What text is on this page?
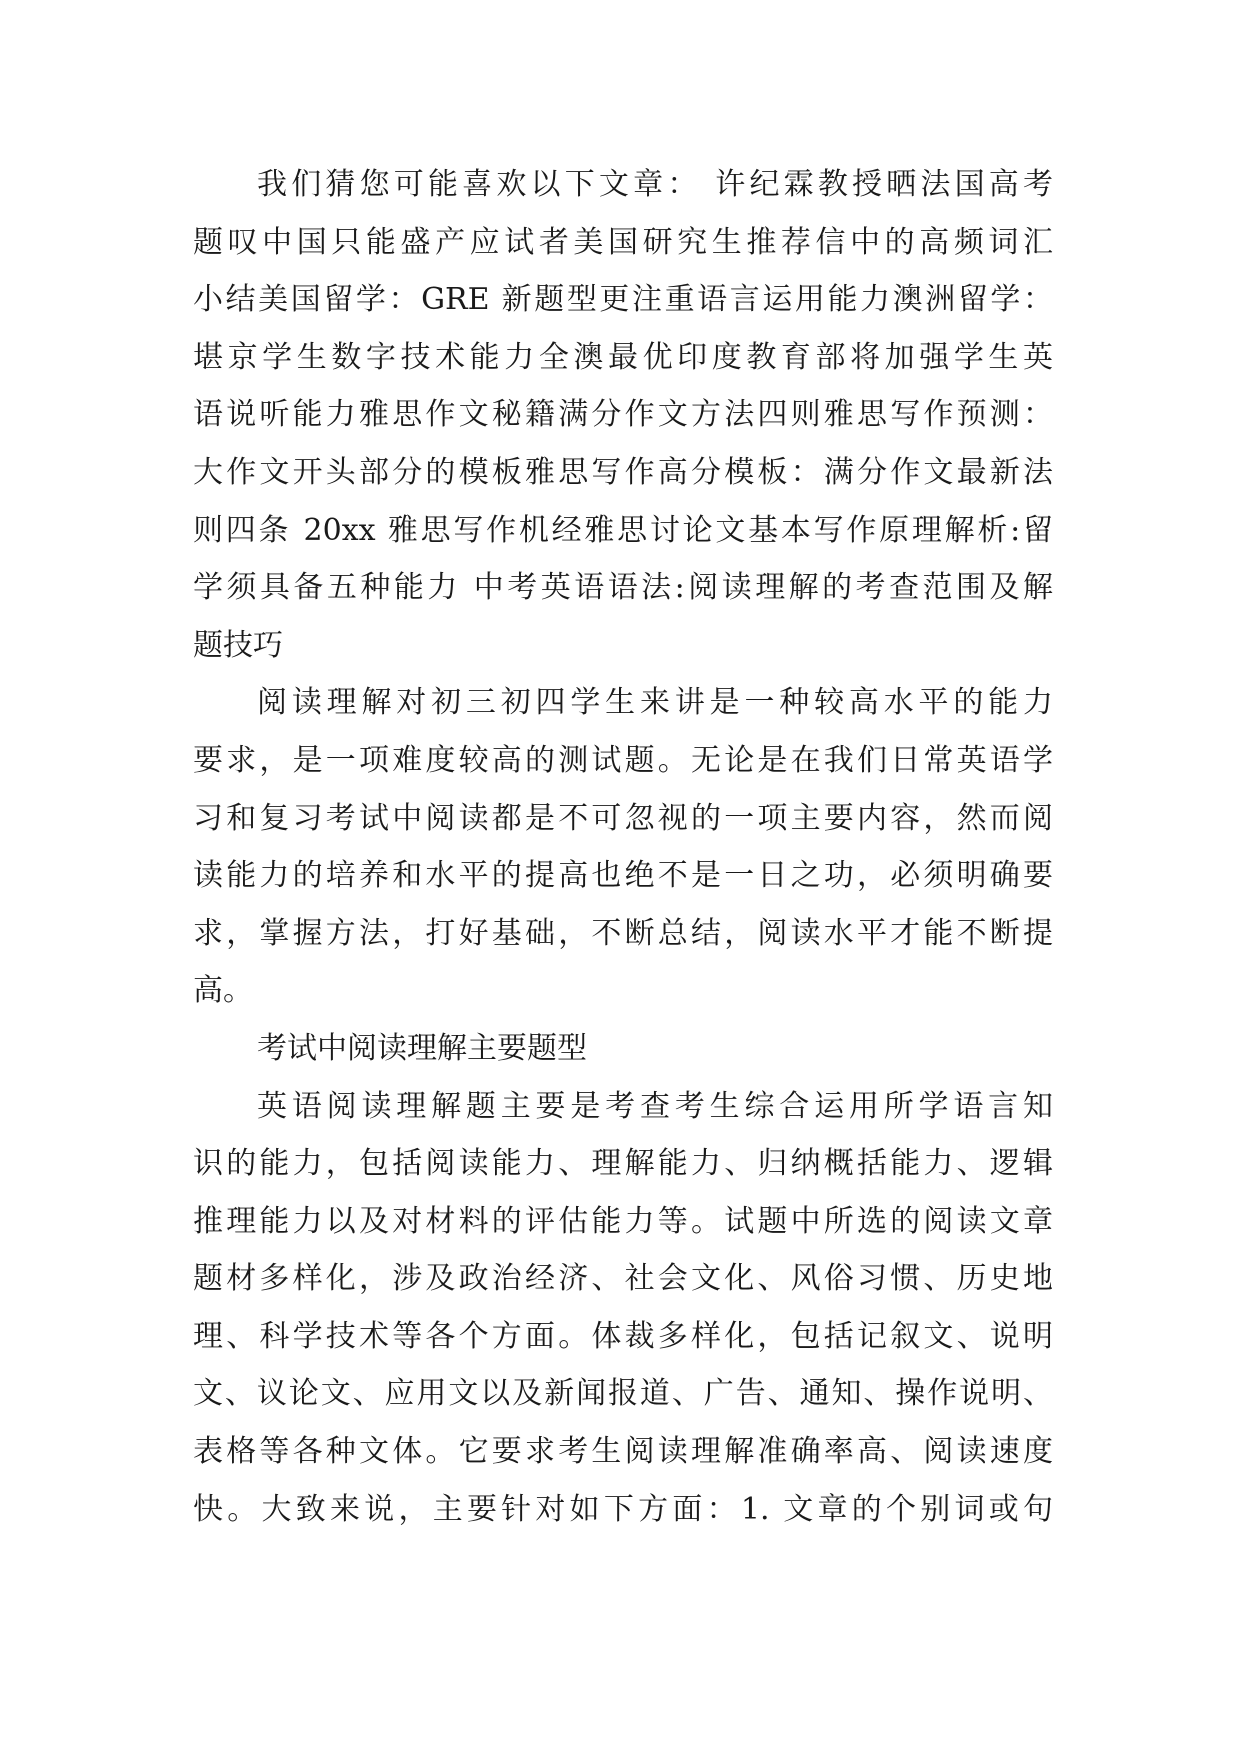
我们猜您可能喜欢以下文章： 许纪霖教授晒法国高考
题叹中国只能盛产应试者美国研究生推荐信中的高频词汇
小结美国留学：GRE 新题型更注重语言运用能力澳洲留学：
堪京学生数字技术能力全澳最优印度教育部将加强学生英
语说听能力雅思作文秘籍满分作文方法四则雅思写作预测：
大作文开头部分的模板雅思写作高分模板：满分作文最新法
则四条 20xx 雅思写作机经雅思讨论文基本写作原理解析:留
学须具备五种能力 中考英语语法:阅读理解的考查范围及解
题技巧
阅读理解对初三初四学生来讲是一种较高水平的能力
要求，是一项难度较高的测试题。无论是在我们日常英语学
习和复习考试中阅读都是不可忽视的一项主要内容，然而阅
读能力的培养和水平的提高也绝不是一日之功，必须明确要
求，掌握方法，打好基础，不断总结，阅读水平才能不断提
高。
考试中阅读理解主要题型
英语阅读理解题主要是考查考生综合运用所学语言知
识的能力，包括阅读能力、理解能力、归纳概括能力、逻辑
推理能力以及对材料的评估能力等。试题中所选的阅读文章
题材多样化，涉及政治经济、社会文化、风俗习惯、历史地
理、科学技术等各个方面。体裁多样化，包括记叙文、说明
文、议论文、应用文以及新闻报道、广告、通知、操作说明、
表格等各种文体。它要求考生阅读理解准确率高、阅读速度
快。大致来说，主要针对如下方面：1. 文章的个别词或句
